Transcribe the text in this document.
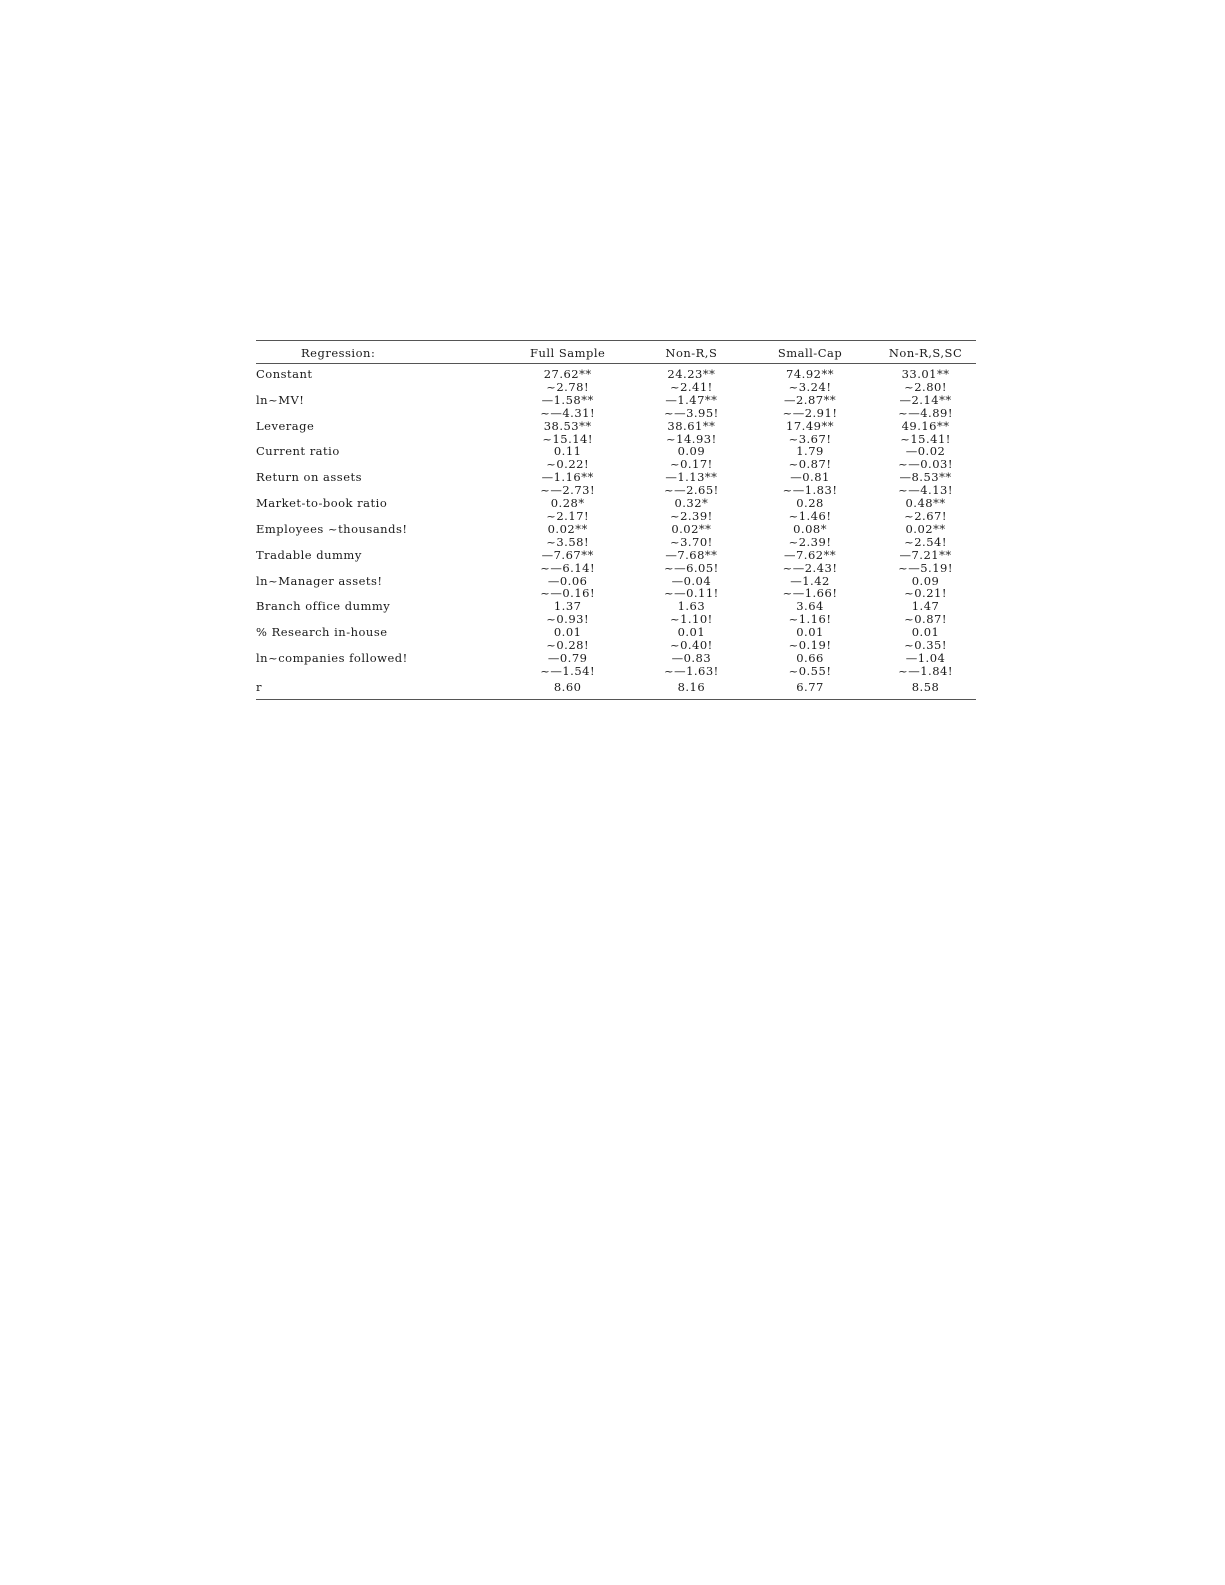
Regression:	Full Sample	Non-R,S	Small-Cap	Non-R,S,SC
Constant	27.62**	24.23**	74.92**	33.01**
	~2.78!	~2.41!	~3.24!	~2.80!
ln~MV!	—1.58**	—1.47**	—2.87**	—2.14**
	~—4.31!	~—3.95!	~—2.91!	~—4.89!
Leverage	38.53**	38.61**	17.49**	49.16**
	~15.14!	~14.93!	~3.67!	~15.41!
Current ratio	0.11	0.09	1.79	—0.02
	~0.22!	~0.17!	~0.87!	~—0.03!
Return on assets	—1.16**	—1.13**	—0.81	—8.53**
	~—2.73!	~—2.65!	~—1.83!	~—4.13!
Market-to-book ratio	0.28*	0.32*	0.28	0.48**
	~2.17!	~2.39!	~1.46!	~2.67!
Employees ~thousands!	0.02**	0.02**	0.08*	0.02**
	~3.58!	~3.70!	~2.39!	~2.54!
Tradable dummy	—7.67**	—7.68**	—7.62**	—7.21**
	~—6.14!	~—6.05!	~—2.43!	~—5.19!
ln~Manager assets!	—0.06	—0.04	—1.42	0.09
	~—0.16!	~—0.11!	~—1.66!	~0.21!
Branch office dummy	1.37	1.63	3.64	1.47
	~0.93!	~1.10!	~1.16!	~0.87!
% Research in-house	0.01	0.01	0.01	0.01
	~0.28!	~0.40!	~0.19!	~0.35!
ln~companies followed!	—0.79	—0.83	0.66	—1.04
	~—1.54!	~—1.63!	~0.55!	~—1.84!
r	8.60	8.16	6.77	8.58
